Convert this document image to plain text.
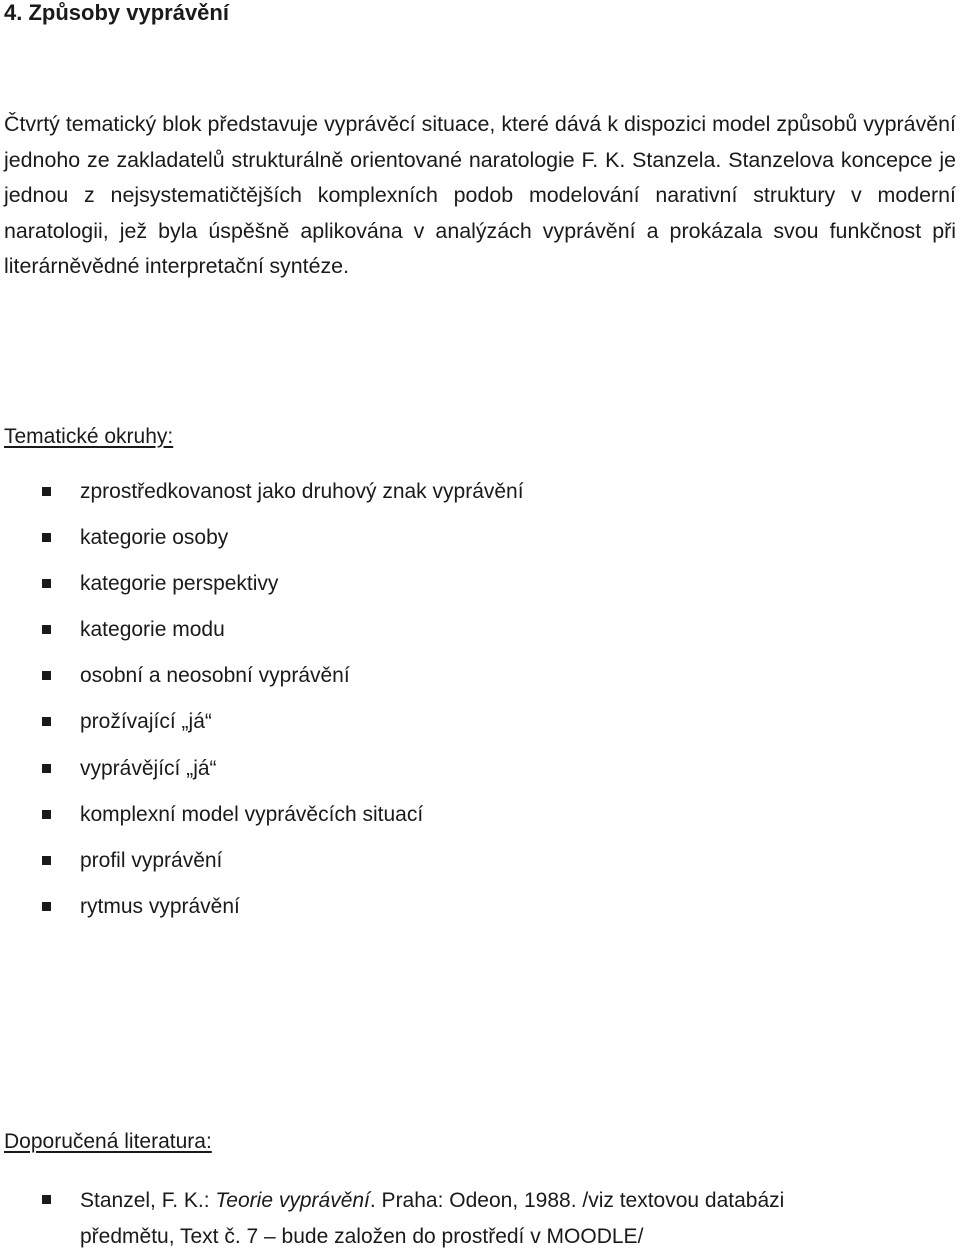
4. Způsoby vyprávění

Čtvrtý tematický blok představuje vyprávěcí situace, které dává k dispozici model způsobů vyprávění jednoho ze zakladatelů strukturálně orientované naratologie F. K. Stanzela. Stanzelova koncepce je jednou z nejsystematičtějších komplexních podob modelování narativní struktury v moderní naratologii, jež byla úspěšně aplikována v analýzách vyprávění a prokázala svou funkčnost při literárněvědné interpretační syntéze.

Tematické okruhy:

zprostředkovanost jako druhový znak vyprávění
kategorie osoby
kategorie perspektivy
kategorie modu
osobní a neosobní vyprávění
prožívající „já“
vyprávějící „já“
komplexní model vyprávěcích situací
profil vyprávění
rytmus vyprávění

Doporučená literatura:

Stanzel, F. K.: Teorie vyprávění. Praha: Odeon, 1988. /viz textovou databázi předmětu, Text č. 7 – bude založen do prostředí v MOODLE/
